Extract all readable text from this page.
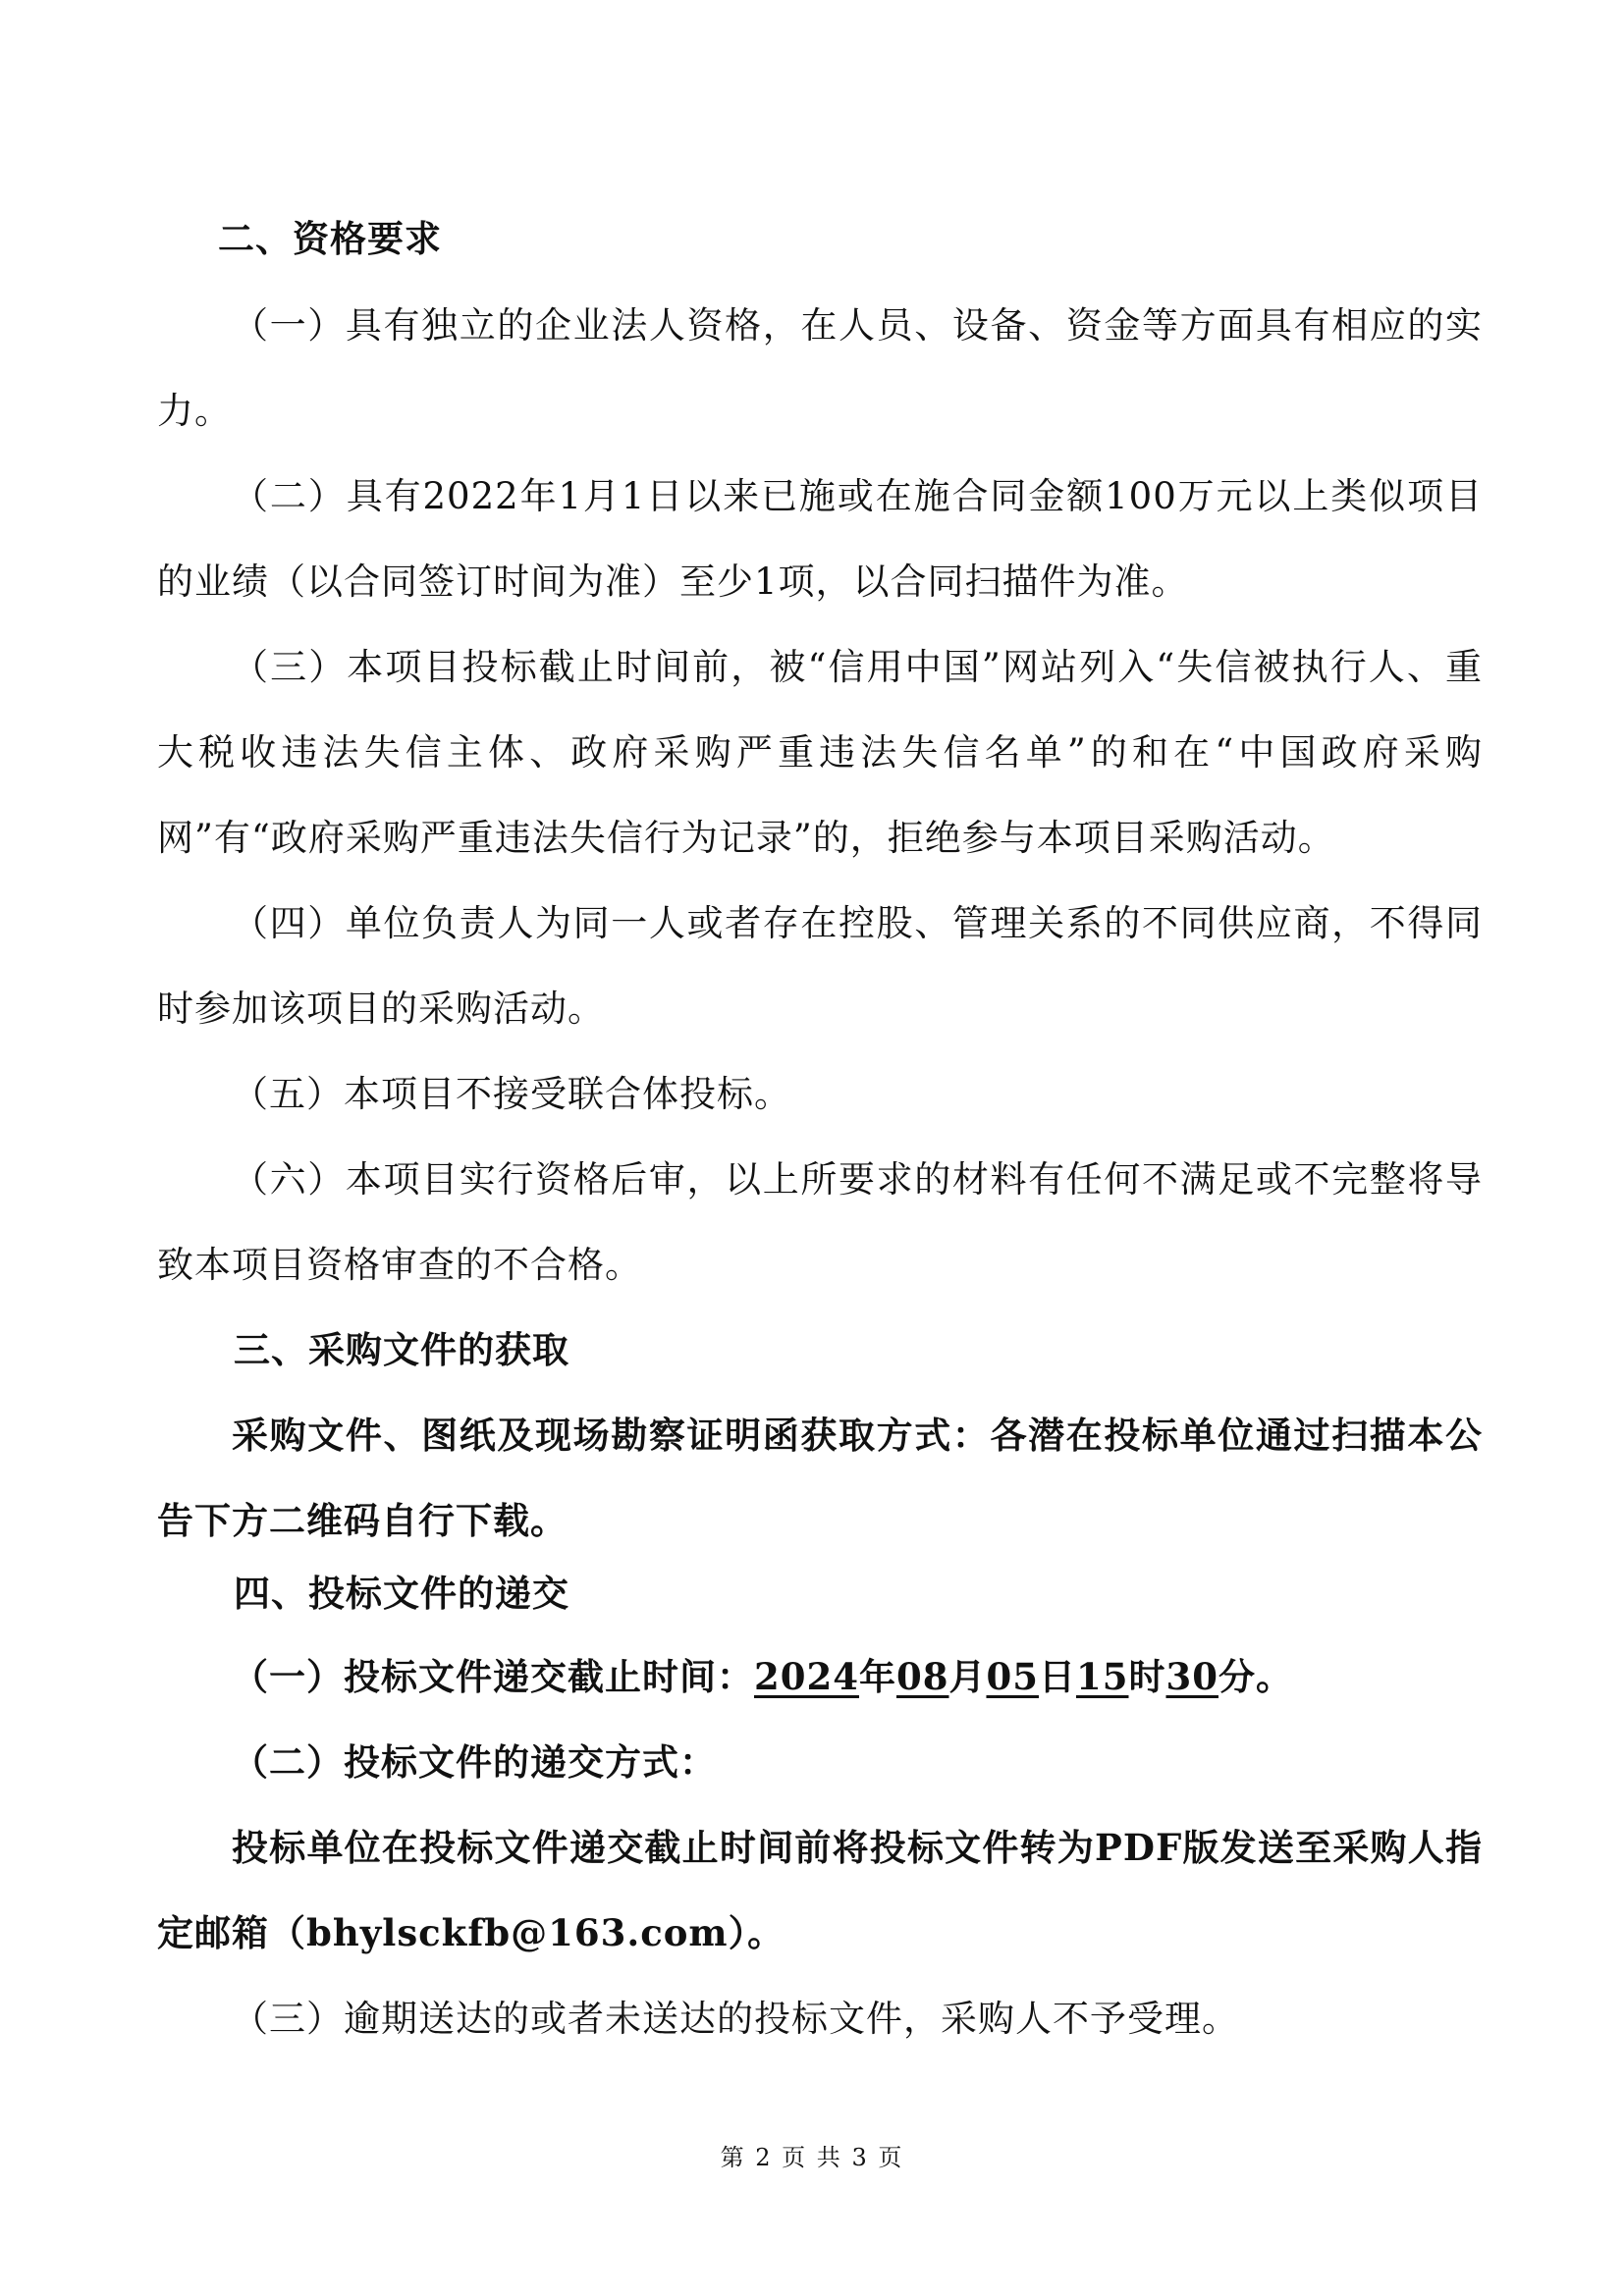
二、资格要求

（一）具有独立的企业法人资格，在人员、设备、资金等方面具有相应的实力。

（二）具有2022年1月1日以来已施或在施合同金额100万元以上类似项目的业绩（以合同签订时间为准）至少1项，以合同扫描件为准。

（三）本项目投标截止时间前，被“信用中国”网站列入“失信被执行人、重大税收违法失信主体、政府采购严重违法失信名单”的和在“中国政府采购网”有“政府采购严重违法失信行为记录”的，拒绝参与本项目采购活动。

（四）单位负责人为同一人或者存在控股、管理关系的不同供应商，不得同时参加该项目的采购活动。

（五）本项目不接受联合体投标。

（六）本项目实行资格后审，以上所要求的材料有任何不满足或不完整将导致本项目资格审查的不合格。

三、采购文件的获取

采购文件、图纸及现场勘察证明函获取方式：各潜在投标单位通过扫描本公告下方二维码自行下载。

四、投标文件的递交

（一）投标文件递交截止时间：2024年08月05日15时30分。

（二）投标文件的递交方式：

投标单位在投标文件递交截止时间前将投标文件转为PDF版发送至采购人指定邮箱（bhylsckfb@163.com）。

（三）逾期送达的或者未送达的投标文件，采购人不予受理。

第 2 页 共 3 页
